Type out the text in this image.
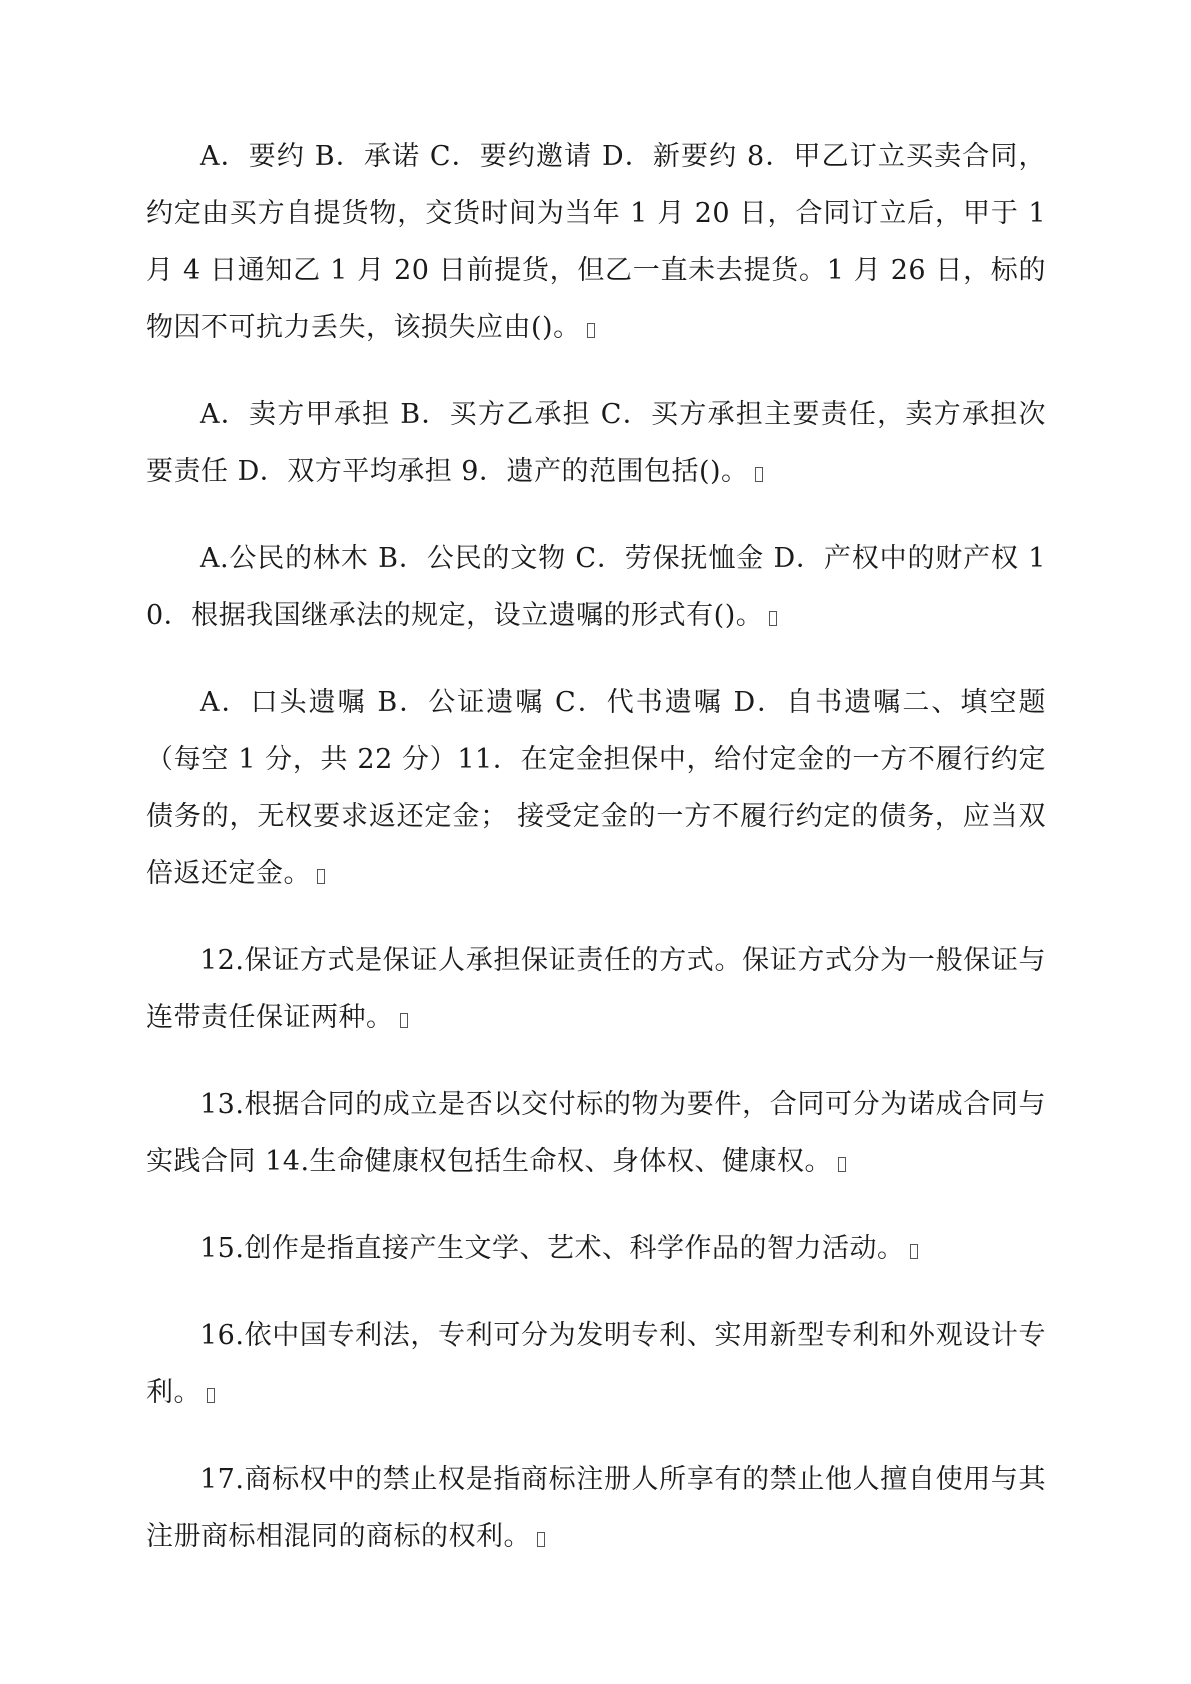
A．要约 B．承诺 C．要约邀请 D．新要约 8．甲乙订立买卖合同，约定由买方自提货物，交货时间为当年 1 月 20 日，合同订立后，甲于 1 月 4 日通知乙 1 月 20 日前提货，但乙一直未去提货。1 月 26 日，标的物因不可抗力丢失，该损失应由()。

A．卖方甲承担 B．买方乙承担 C．买方承担主要责任，卖方承担次要责任 D．双方平均承担 9．遗产的范围包括()。

A.公民的林木 B．公民的文物 C．劳保抚恤金 D．产权中的财产权 10．根据我国继承法的规定，设立遗嘱的形式有()。

A．口头遗嘱 B．公证遗嘱 C．代书遗嘱 D．自书遗嘱二、填空题（每空 1 分，共 22 分）11．在定金担保中，给付定金的一方不履行约定债务的，无权要求返还定金； 接受定金的一方不履行约定的债务，应当双倍返还定金。

12.保证方式是保证人承担保证责任的方式。保证方式分为一般保证与连带责任保证两种。

13.根据合同的成立是否以交付标的物为要件，合同可分为诺成合同与实践合同 14.生命健康权包括生命权、身体权、健康权。

15.创作是指直接产生文学、艺术、科学作品的智力活动。

16.依中国专利法，专利可分为发明专利、实用新型专利和外观设计专利。

17.商标权中的禁止权是指商标注册人所享有的禁止他人擅自使用与其注册商标相混同的商标的权利。
